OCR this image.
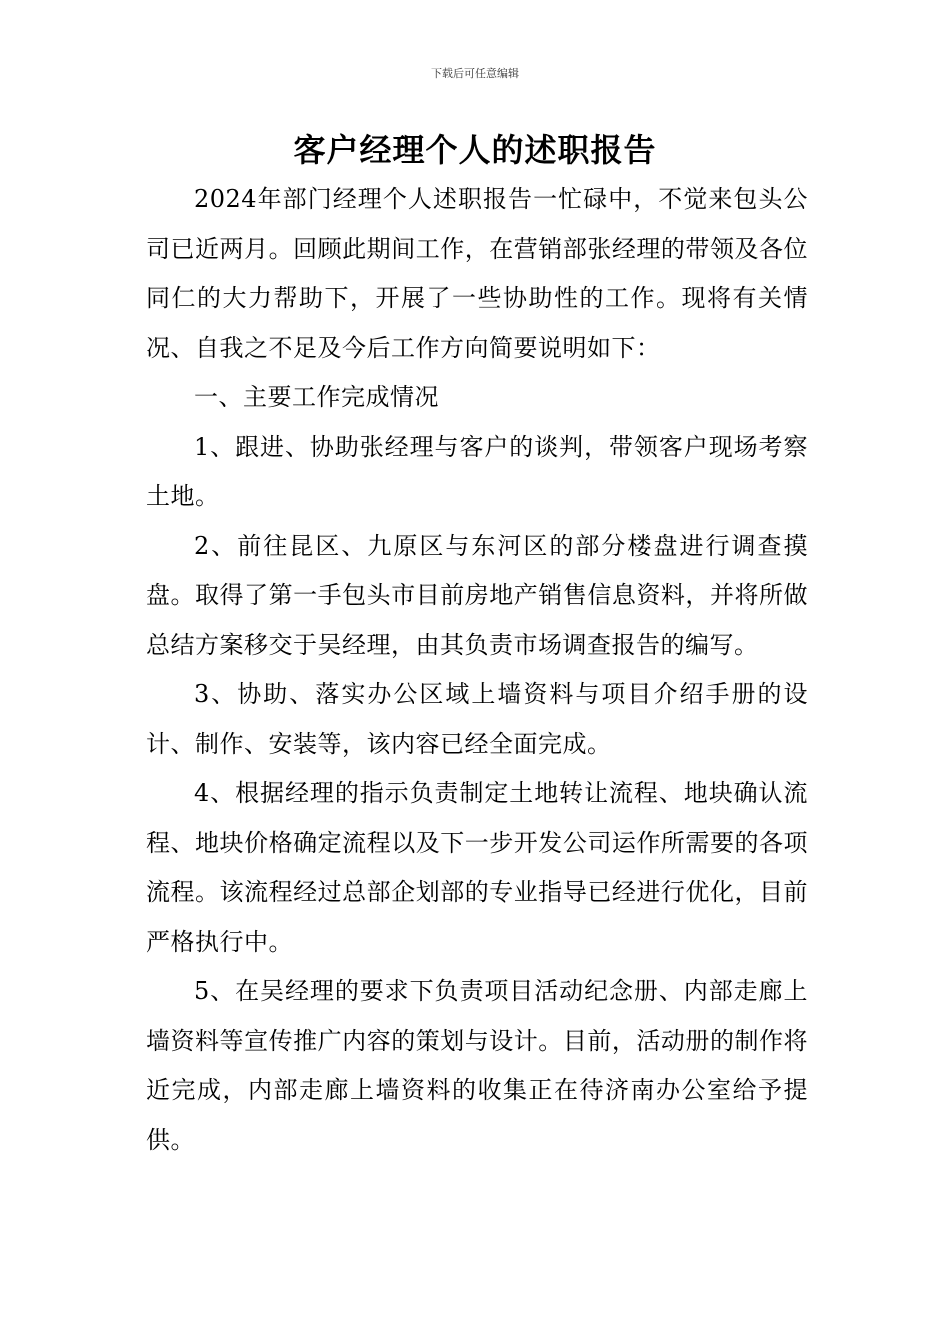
下载后可任意编辑
客户经理个人的述职报告

2024年部门经理个人述职报告一忙碌中，不觉来包头公司已近两月。回顾此期间工作，在营销部张经理的带领及各位同仁的大力帮助下，开展了一些协助性的工作。现将有关情况、自我之不足及今后工作方向简要说明如下：

一、主要工作完成情况

1、跟进、协助张经理与客户的谈判，带领客户现场考察土地。

2、前往昆区、九原区与东河区的部分楼盘进行调查摸盘。取得了第一手包头市目前房地产销售信息资料，并将所做总结方案移交于吴经理，由其负责市场调查报告的编写。

3、协助、落实办公区域上墙资料与项目介绍手册的设计、制作、安装等，该内容已经全面完成。

4、根据经理的指示负责制定土地转让流程、地块确认流程、地块价格确定流程以及下一步开发公司运作所需要的各项流程。该流程经过总部企划部的专业指导已经进行优化，目前严格执行中。

5、在吴经理的要求下负责项目活动纪念册、内部走廊上墙资料等宣传推广内容的策划与设计。目前，活动册的制作将近完成，内部走廊上墙资料的收集正在待济南办公室给予提供。
